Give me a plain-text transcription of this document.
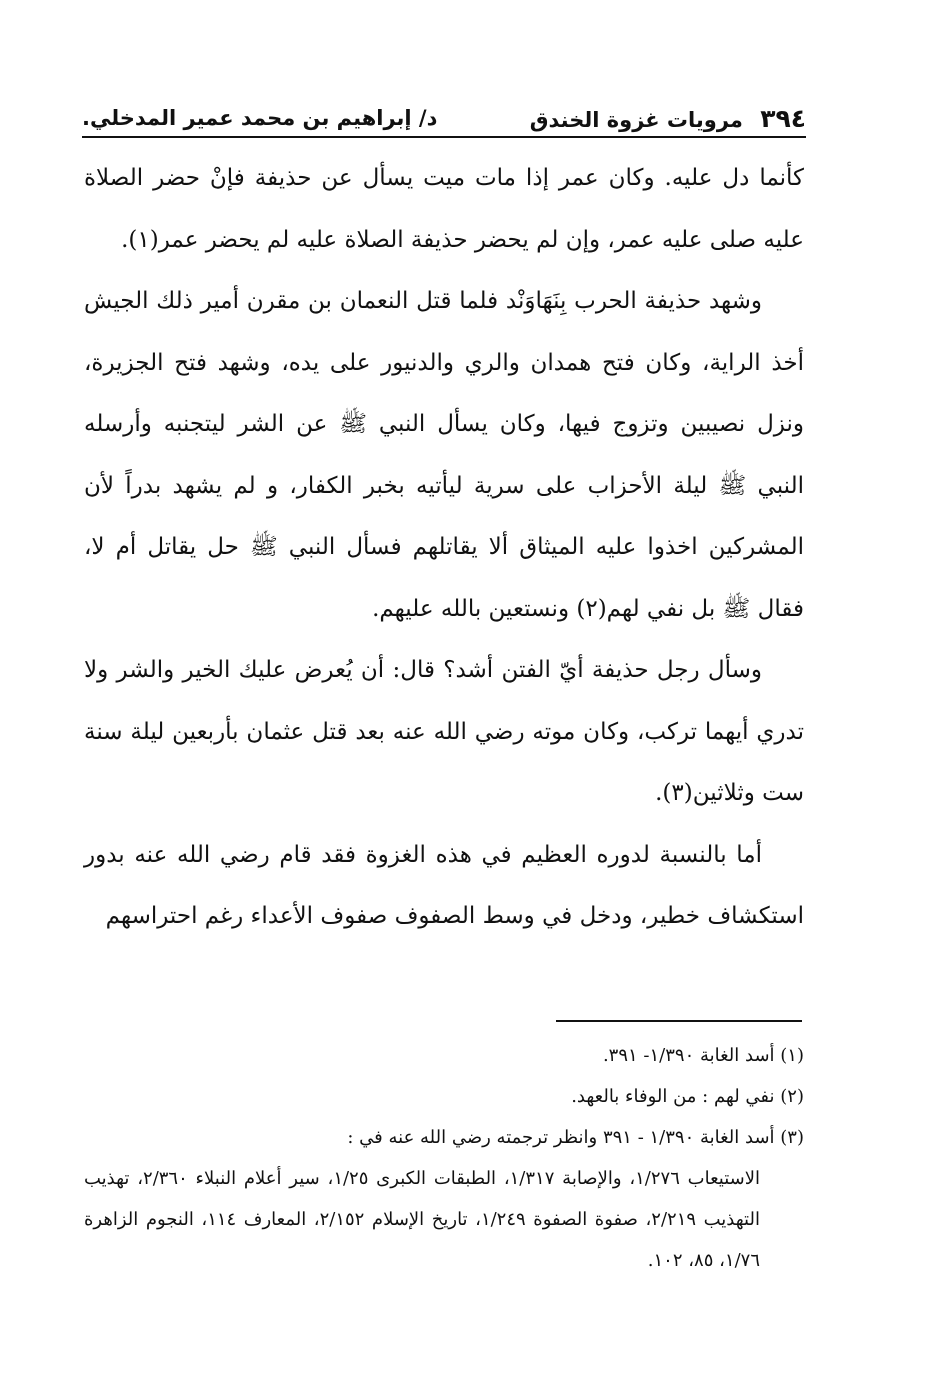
٣٩٤ مرويات غزوة الخندق
د/ إبراهيم بن محمد عمير المدخلي.

كأنما دل عليه. وكان عمر إذا مات ميت يسأل عن حذيفة فإنْ حضر الصلاة عليه صلى عليه عمر، وإن لم يحضر حذيفة الصلاة عليه لم يحضر عمر(١).

وشهد حذيفة الحرب بِنَهَاوَنْد فلما قتل النعمان بن مقرن أمير ذلك الجيش أخذ الراية، وكان فتح همدان والري والدنيور على يده، وشهد فتح الجزيرة، ونزل نصيبين وتزوج فيها، وكان يسأل النبي ﷺ عن الشر ليتجنبه وأرسله النبي ﷺ ليلة الأحزاب على سرية ليأتيه بخبر الكفار، و لم يشهد بدراً لأن المشركين اخذوا عليه الميثاق ألا يقاتلهم فسأل النبي ﷺ حل يقاتل أم لا، فقال ﷺ بل نفي لهم(٢) ونستعين بالله عليهم.

وسأل رجل حذيفة أيّ الفتن أشد؟ قال: أن يُعرض عليك الخير والشر ولا تدري أيهما تركب، وكان موته رضي الله عنه بعد قتل عثمان بأربعين ليلة سنة ست وثلاثين(٣).

أما بالنسبة لدوره العظيم في هذه الغزوة فقد قام رضي الله عنه بدور استكشاف خطير، ودخل في وسط الصفوف صفوف الأعداء رغم احتراسهم

(١) أسد الغابة ١/٣٩٠- ٣٩١.

(٢) نفي لهم : من الوفاء بالعهد.

(٣) أسد الغابة ١/٣٩٠ - ٣٩١ وانظر ترجمته رضي الله عنه في :

الاستيعاب ١/٢٧٦، والإصابة ١/٣١٧، الطبقات الكبرى ١/٢٥، سير أعلام النبلاء ٢/٣٦٠، تهذيب التهذيب ٢/٢١٩، صفوة الصفوة ١/٢٤٩، تاريخ الإسلام ٢/١٥٢، المعارف ١١٤، النجوم الزاهرة ١/٧٦، ٨٥، ١٠٢.
